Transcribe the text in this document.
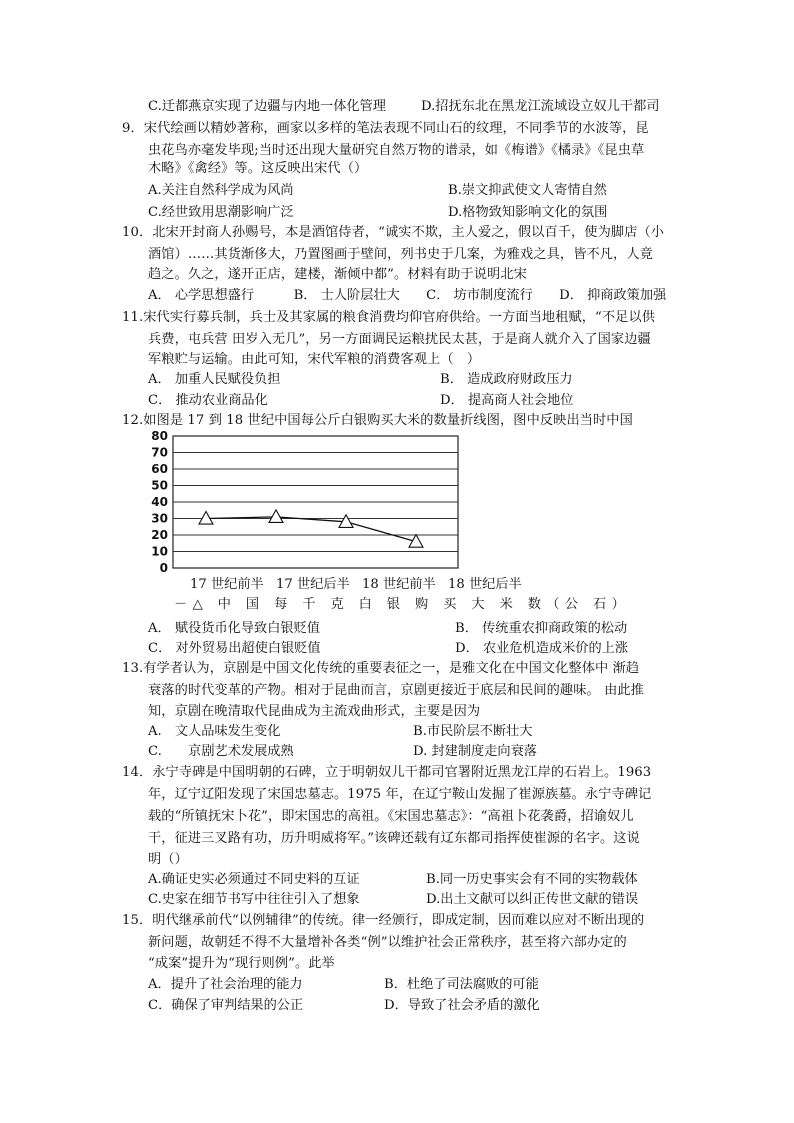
C.迁都燕京实现了边疆与内地一体化管理	D.招抚东北在黑龙江流域设立奴儿干都司
9．宋代绘画以精妙著称，画家以多样的笔法表现不同山石的纹理，不同季节的水波等，昆
虫花鸟亦毫发毕现;当时还出现大量研究自然万物的谱录，如《梅谱》《橘录》《昆虫草
木略》《禽经》等。这反映出宋代（）
A.关注自然科学成为风尚	B.崇文抑武使文人寄情自然
C.经世致用思潮影响广泛	D.格物致知影响文化的氛围
10．北宋开封商人孙赐号，本是酒馆侍者，“诚实不欺，主人爱之，假以百千，使为脚店（小
酒馆）……其货渐侈大，乃置图画于壁间，列书史于几案，为雅戏之具，皆不凡，人竟
趋之。久之，遂开正店，建楼，渐倾中都”。材料有助于说明北宋
A． 心学思想盛行　　　B． 士人阶层壮大　　C． 坊市制度流行　　D． 抑商政策加强
11.宋代实行募兵制，兵士及其家属的粮食消费均仰官府供给。一方面当地租赋，“不足以供
兵费，屯兵营 田岁入无几”，另一方面调民运粮扰民太甚，于是商人就介入了国家边疆
军粮贮与运输。由此可知，宋代军粮的消费客观上（　）
A． 加重人民赋役负担	B． 造成政府财政压力
C． 推动农业商品化	D． 提高商人社会地位
12.如图是 17 到 18 世纪中国每公斤白银购买大米的数量折线图，图中反映出当时中国
0
10
20
30
40
50
60
70
80
17 世纪前半 17 世纪后半 18 世纪前半 18 世纪后半
－△ 中 国 每 千 克 白 银 购 买 大 米 数（公 石）
A． 赋役货币化导致白银贬值	B． 传统重农抑商政策的松动
C． 对外贸易出超使白银贬值	D． 农业危机造成米价的上涨
13.有学者认为，京剧是中国文化传统的重要表征之一，是雅文化在中国文化整体中 渐趋
衰落的时代变革的产物。相对于昆曲而言，京剧更接近于底层和民间的趣味。 由此推
知，京剧在晚清取代昆曲成为主流戏曲形式，主要是因为
A.　文人品味发生变化	B.市民阶层不断壮大
C.　　京剧艺术发展成熟	D. 封建制度走向衰落
14．永宁寺碑是中国明朝的石碑，立于明朝奴儿干都司官署附近黑龙江岸的石岩上。1963
年，辽宁辽阳发现了宋国忠墓志。1975 年，在辽宁鞍山发掘了崔源族墓。永宁寺碑记
载的“所镇抚宋卜花”，即宋国忠的高祖。《宋国忠墓志》：“高祖卜花袭爵，招谕奴儿
干，征进三叉路有功，历升明威将军。”该碑还载有辽东都司指挥使崔源的名字。这说
明（）
A.确证史实必须通过不同史料的互证	B.同一历史事实会有不同的实物载体
C.史家在细节书写中往往引入了想象	D.出土文献可以纠正传世文献的错误
15．明代继承前代“以例辅律”的传统。律一经颁行，即成定制，因而难以应对不断出现的
新问题，故朝廷不得不大量增补各类“例”以维护社会正常秩序，甚至将六部办定的
“成案”提升为“现行则例”。此举
A．提升了社会治理的能力	B．杜绝了司法腐败的可能
C．确保了审判结果的公正	D．导致了社会矛盾的激化
